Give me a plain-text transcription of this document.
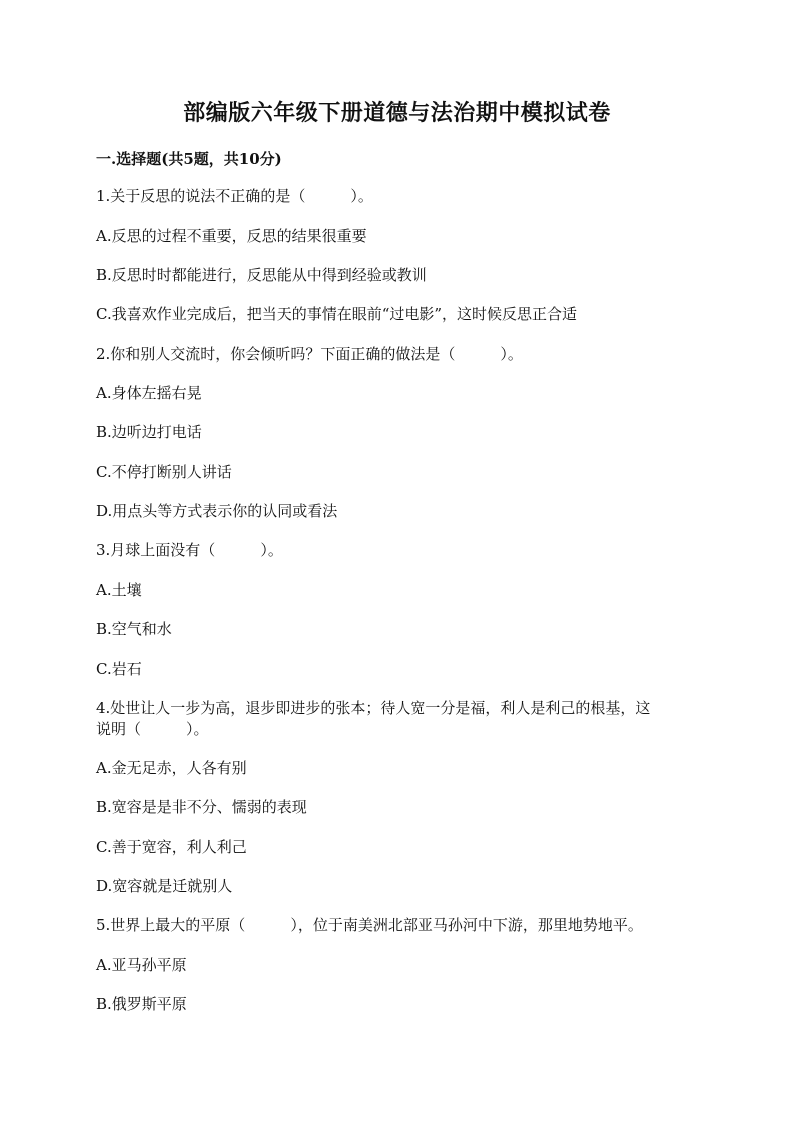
部编版六年级下册道德与法治期中模拟试卷
一.选择题(共5题，共10分)
1.关于反思的说法不正确的是（　　　）。
A.反思的过程不重要，反思的结果很重要
B.反思时时都能进行，反思能从中得到经验或教训
C.我喜欢作业完成后，把当天的事情在眼前“过电影”，这时候反思正合适
2.你和别人交流时，你会倾听吗？下面正确的做法是（　　　）。
A.身体左摇右晃
B.边听边打电话
C.不停打断别人讲话
D.用点头等方式表示你的认同或看法
3.月球上面没有（　　　）。
A.土壤
B.空气和水
C.岩石
4.处世让人一步为高，退步即进步的张本；待人宽一分是福，利人是利己的根基，这
说明（　　　）。
A.金无足赤，人各有别
B.宽容是是非不分、懦弱的表现
C.善于宽容，利人利己
D.宽容就是迁就别人
5.世界上最大的平原（　　　），位于南美洲北部亚马孙河中下游，那里地势地平。
A.亚马孙平原
B.俄罗斯平原
